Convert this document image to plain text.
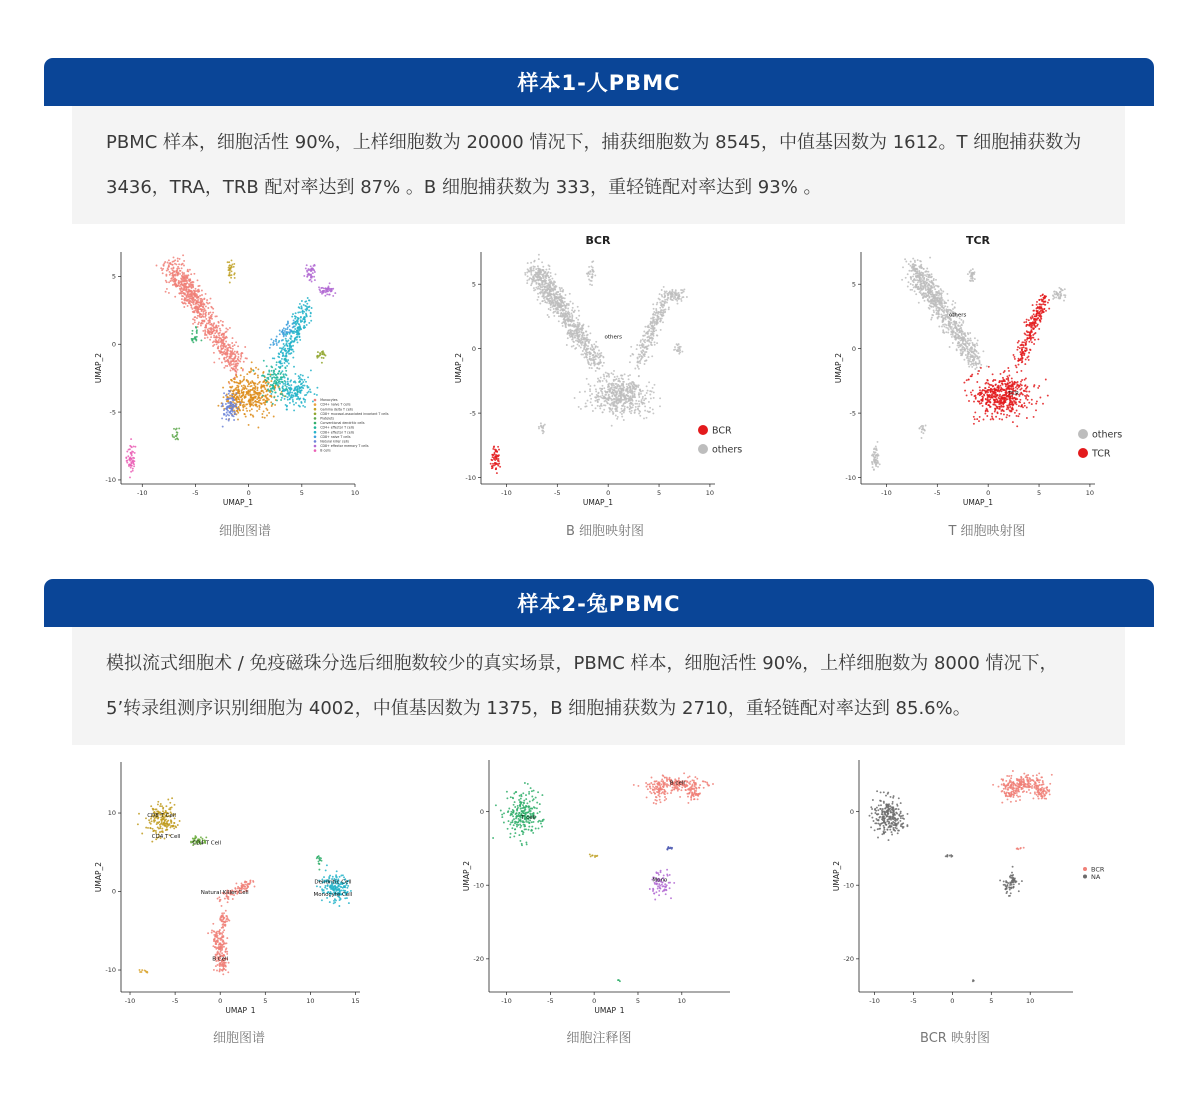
样本1-人PBMC
PBMC 样本，细胞活性 90%，上样细胞数为 20000 情况下，捕获细胞数为 8545，中值基因数为 1612。T 细胞捕获数为 3436，TRA，TRB 配对率达到 87% 。B 细胞捕获数为 333，重轻链配对率达到 93% 。
-10	-5	0	5	10
-10
-5
0
5
UMAP_1
UMAP_2
Monocytes
CD4+ naive T cells
Gamma delta T cells
CD8+ mucosal-associated invariant T cells
Platelets
Conventional dendritic cells
CD4+ effector T cells
CD8+ effector T cells
CD8+ naive T cells
Natural killer cells
CD8+ effector memory T cells
B cells
细胞图谱
BCR
-10	-5	0	5	10
-10
-5
0
5
UMAP_1
UMAP_2
others
BCR
others
B 细胞映射图
TCR
-10	-5	0	5	10
-10
-5
0
5
UMAP_1
UMAP_2
others
TCR
others
TCR
T 细胞映射图
样本2-兔PBMC
模拟流式细胞术 / 免疫磁珠分选后细胞数较少的真实场景，PBMC 样本，细胞活性 90%，上样细胞数为 8000 情况下，5’转录组测序识别细胞为 4002，中值基因数为 1375，B 细胞捕获数为 2710，重轻链配对率达到 85.6%。
-10	-5	0	5	10	15
-10
0
10
UMAP_1
UMAP_2
CD8 T Cell
CD4 T Cell
CD4 T Cell
Natural Killer Cell
B Cell
Dendritic Cell
Monocyte Cell
细胞图谱
-10	-5	0	5	10
-20
-10
0
UMAP_1
UMAP_2
B cell
T cell
Mono
细胞注释图
-10	-5	0	5	10
-20
-10
0
UMAP_2	BCR
NA
BCR 映射图
